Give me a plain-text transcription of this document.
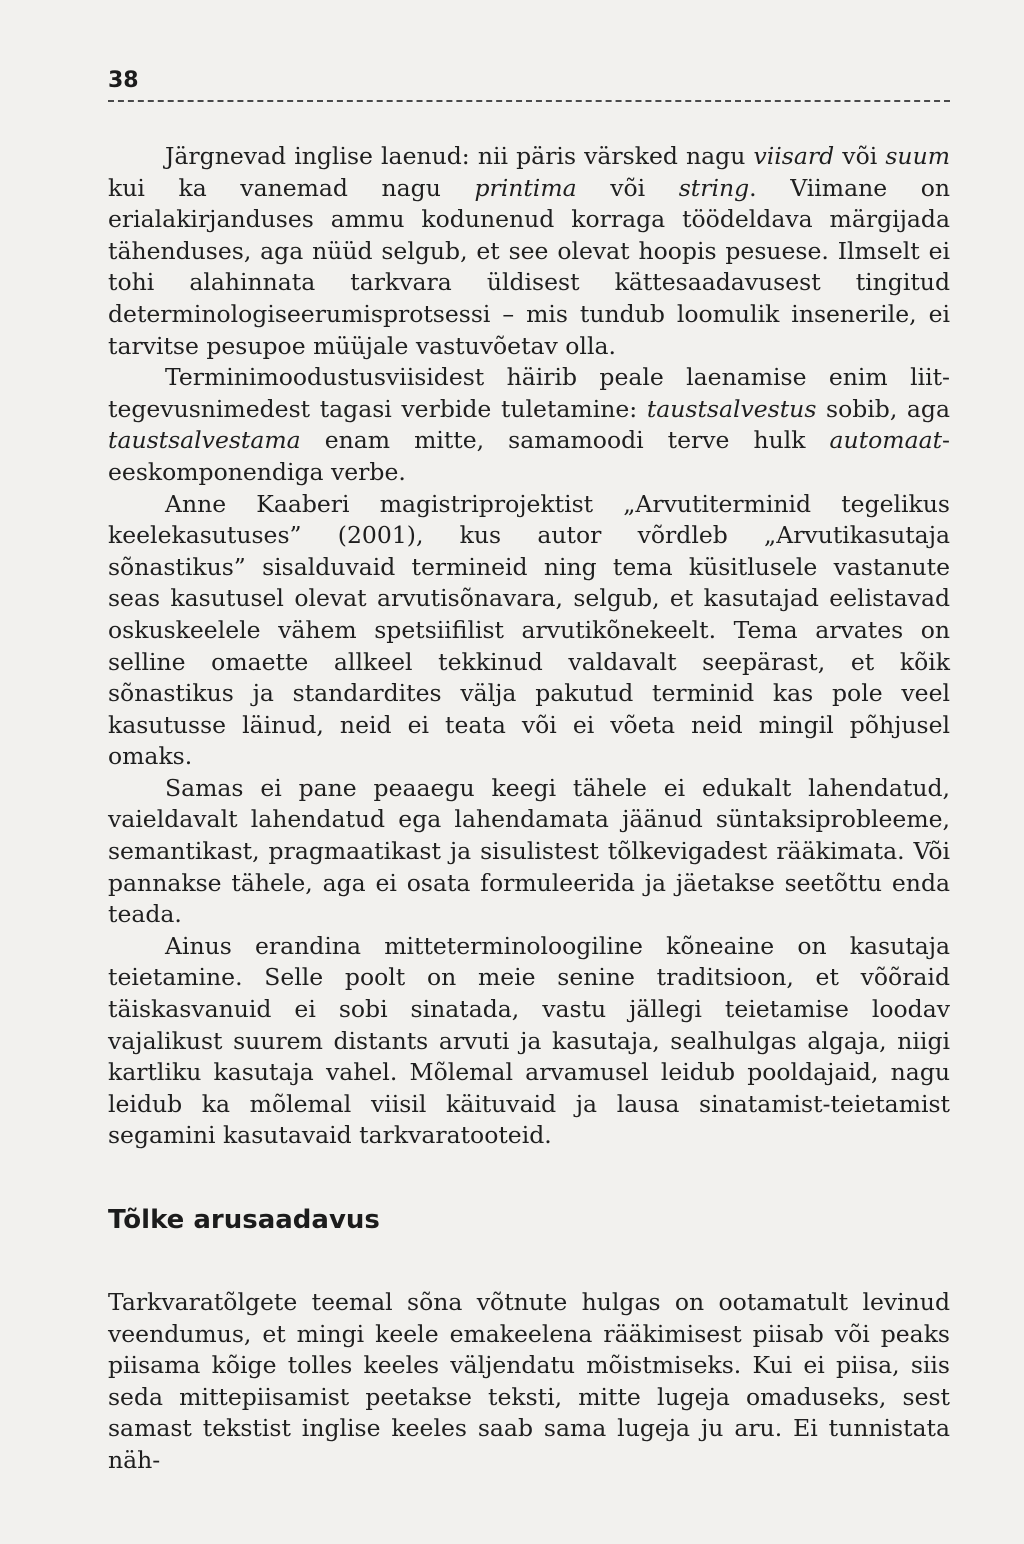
38

Järgnevad inglise laenud: nii päris värsked nagu viisard või suum kui ka vanemad nagu printima või string. Viimane on erialakirjanduses ammu kodunenud korraga töödeldava märgijada tähenduses, aga nüüd selgub, et see olevat hoopis pesuese. Ilmselt ei tohi alahinnata tarkvara üldisest kättesaadavusest tingitud determinologiseerumisprotsessi – mis tundub loomulik insenerile, ei tarvitse pesupoe müüjale vastuvõetav olla.

Terminimoodustusviisidest häirib peale laenamise enim liit-tegevusnimedest tagasi verbide tuletamine: taustsalvestus sobib, aga taustsalvestama enam mitte, samamoodi terve hulk automaat-eeskomponendiga verbe.

Anne Kaaberi magistriprojektist „Arvutiterminid tegelikus keelekasutuses” (2001), kus autor võrdleb „Arvutikasutaja sõnastikus” sisalduvaid termineid ning tema küsitlusele vastanute seas kasutusel olevat arvutisõnavara, selgub, et kasutajad eelistavad oskuskeelele vähem spetsiifilist arvutikõnekeelt. Tema arvates on selline omaette allkeel tekkinud valdavalt seepärast, et kõik sõnastikus ja standardites välja pakutud terminid kas pole veel kasutusse läinud, neid ei teata või ei võeta neid mingil põhjusel omaks.

Samas ei pane peaaegu keegi tähele ei edukalt lahendatud, vaieldavalt lahendatud ega lahendamata jäänud süntaksiprobleeme, semantikast, pragmaatikast ja sisulistest tõlkevigadest rääkimata. Või pannakse tähele, aga ei osata formuleerida ja jäetakse seetõttu enda teada.

Ainus erandina mitteterminoloogiline kõneaine on kasutaja teietamine. Selle poolt on meie senine traditsioon, et võõraid täiskasvanuid ei sobi sinatada, vastu jällegi teietamise loodav vajalikust suurem distants arvuti ja kasutaja, sealhulgas algaja, niigi kartliku kasutaja vahel. Mõlemal arvamusel leidub pooldajaid, nagu leidub ka mõlemal viisil käituvaid ja lausa sinatamist-teietamist segamini kasutavaid tarkvaratooteid.

Tõlke arusaadavus

Tarkvaratõlgete teemal sõna võtnute hulgas on ootamatult levinud veendumus, et mingi keele emakeelena rääkimisest piisab või peaks piisama kõige tolles keeles väljendatu mõistmiseks. Kui ei piisa, siis seda mittepiisamist peetakse teksti, mitte lugeja omaduseks, sest samast tekstist inglise keeles saab sama lugeja ju aru. Ei tunnistata näh-
